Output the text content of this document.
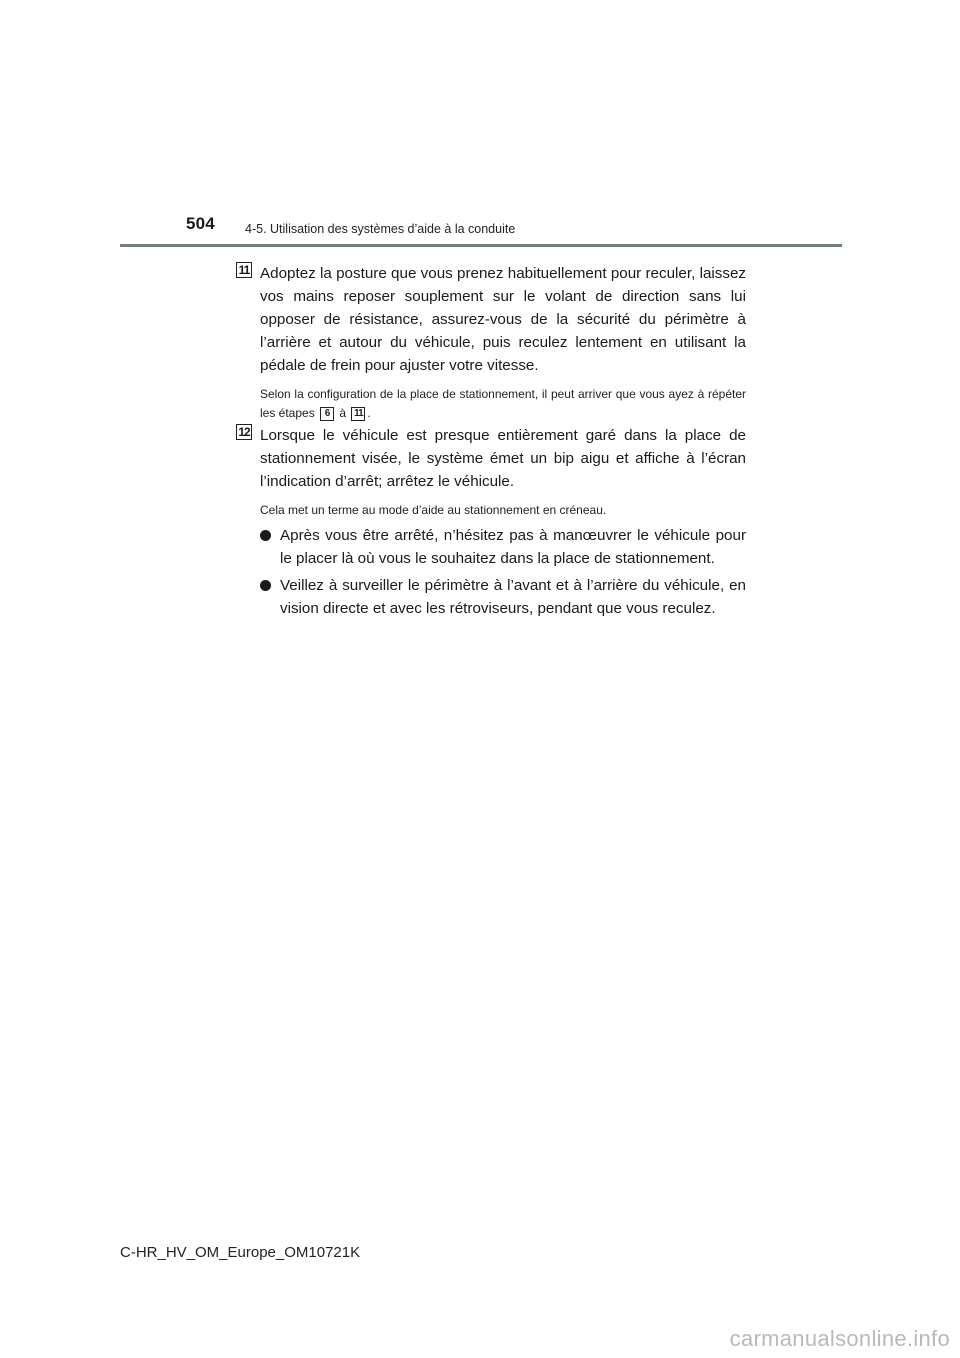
504 4-5. Utilisation des systèmes d’aide à la conduite
11 Adoptez la posture que vous prenez habituellement pour reculer, laissez vos mains reposer souplement sur le volant de direction sans lui opposer de résistance, assurez-vous de la sécurité du périmètre à l’arrière et autour du véhicule, puis reculez lentement en utilisant la pédale de frein pour ajuster votre vitesse.
Selon la configuration de la place de stationnement, il peut arriver que vous ayez à répéter les étapes 6 à 11 .
12 Lorsque le véhicule est presque entièrement garé dans la place de stationnement visée, le système émet un bip aigu et affiche à l’écran l’indication d’arrêt; arrêtez le véhicule.
Cela met un terme au mode d’aide au stationnement en créneau.
Après vous être arrêté, n’hésitez pas à manœuvrer le véhicule pour le placer là où vous le souhaitez dans la place de stationnement.
Veillez à surveiller le périmètre à l’avant et à l’arrière du véhicule, en vision directe et avec les rétroviseurs, pendant que vous reculez.
C-HR_HV_OM_Europe_OM10721K
carmanualsonline.info
